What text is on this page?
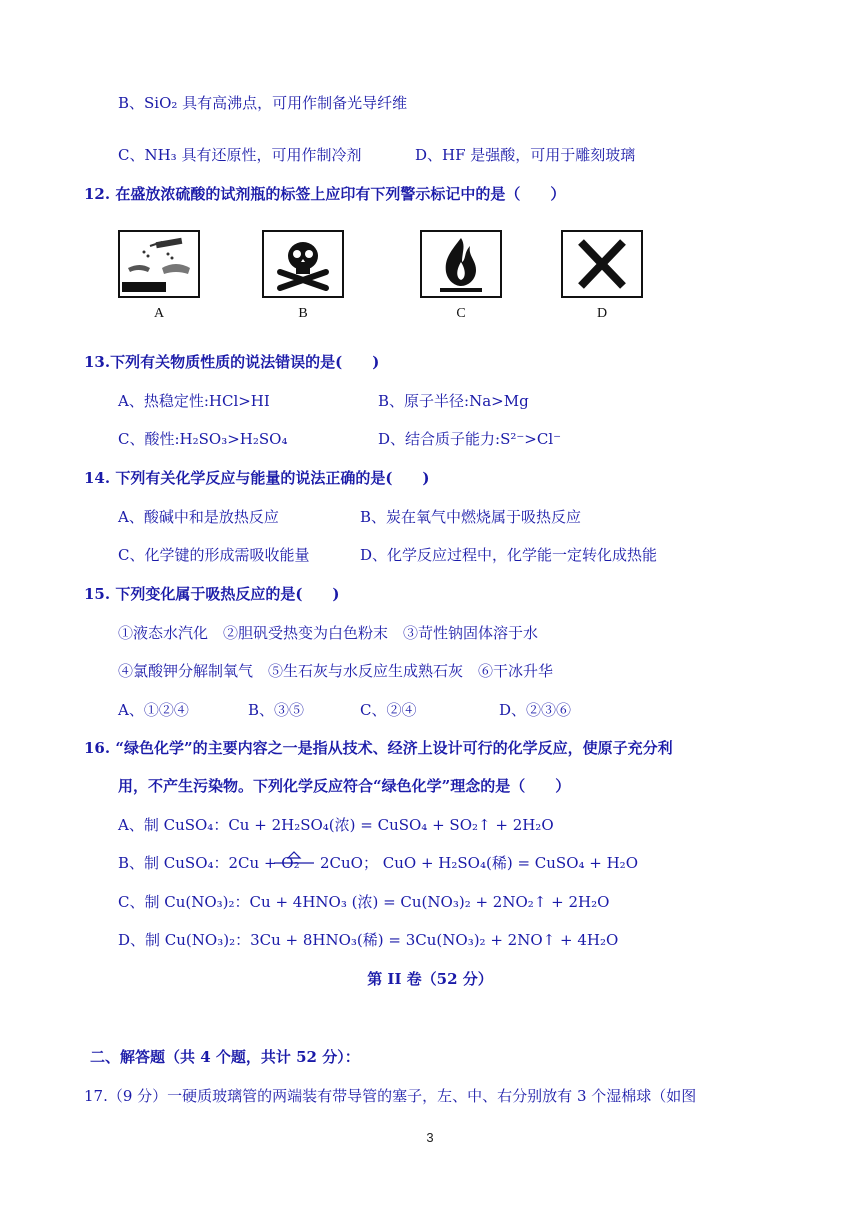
B、SiO₂ 具有高沸点，可用作制备光导纤维
C、NH₃ 具有还原性，可用作制冷剂	D、HF 是强酸，可用于雕刻玻璃
12. 在盛放浓硫酸的试剂瓶的标签上应印有下列警示标记中的是（　　）
A	B	C	D
13.下列有关物质性质的说法错误的是(　　)
A、热稳定性:HCl>HI	B、原子半径:Na>Mg
C、酸性:H₂SO₃>H₂SO₄	D、结合质子能力:S²⁻>Cl⁻
14. 下列有关化学反应与能量的说法正确的是(　　)
A、酸碱中和是放热反应	B、炭在氧气中燃烧属于吸热反应
C、化学键的形成需吸收能量	D、化学反应过程中，化学能一定转化成热能
15. 下列变化属于吸热反应的是(　　)
①液态水汽化　②胆矾受热变为白色粉末　③苛性钠固体溶于水
④氯酸钾分解制氧气　⑤生石灰与水反应生成熟石灰　⑥干冰升华
A、①②④	B、③⑤	C、②④	D、②③⑥
16. “绿色化学”的主要内容之一是指从技术、经济上设计可行的化学反应，使原子充分利
用，不产生污染物。下列化学反应符合“绿色化学”理念的是（　　）
A、制 CuSO₄：Cu + 2H₂SO₄(浓) = CuSO₄ + SO₂↑ + 2H₂O
B、制 CuSO₄：2Cu + O₂ 2CuO； CuO + H₂SO₄(稀) = CuSO₄ + H₂O
C、制 Cu(NO₃)₂：Cu + 4HNO₃ (浓) = Cu(NO₃)₂ + 2NO₂↑ + 2H₂O
D、制 Cu(NO₃)₂：3Cu + 8HNO₃(稀) = 3Cu(NO₃)₂ + 2NO↑ + 4H₂O
第 II 卷（52 分）
二、解答题（共 4 个题，共计 52 分）：
17.（9 分）一硬质玻璃管的两端装有带导管的塞子，左、中、右分别放有 3 个湿棉球（如图
3
